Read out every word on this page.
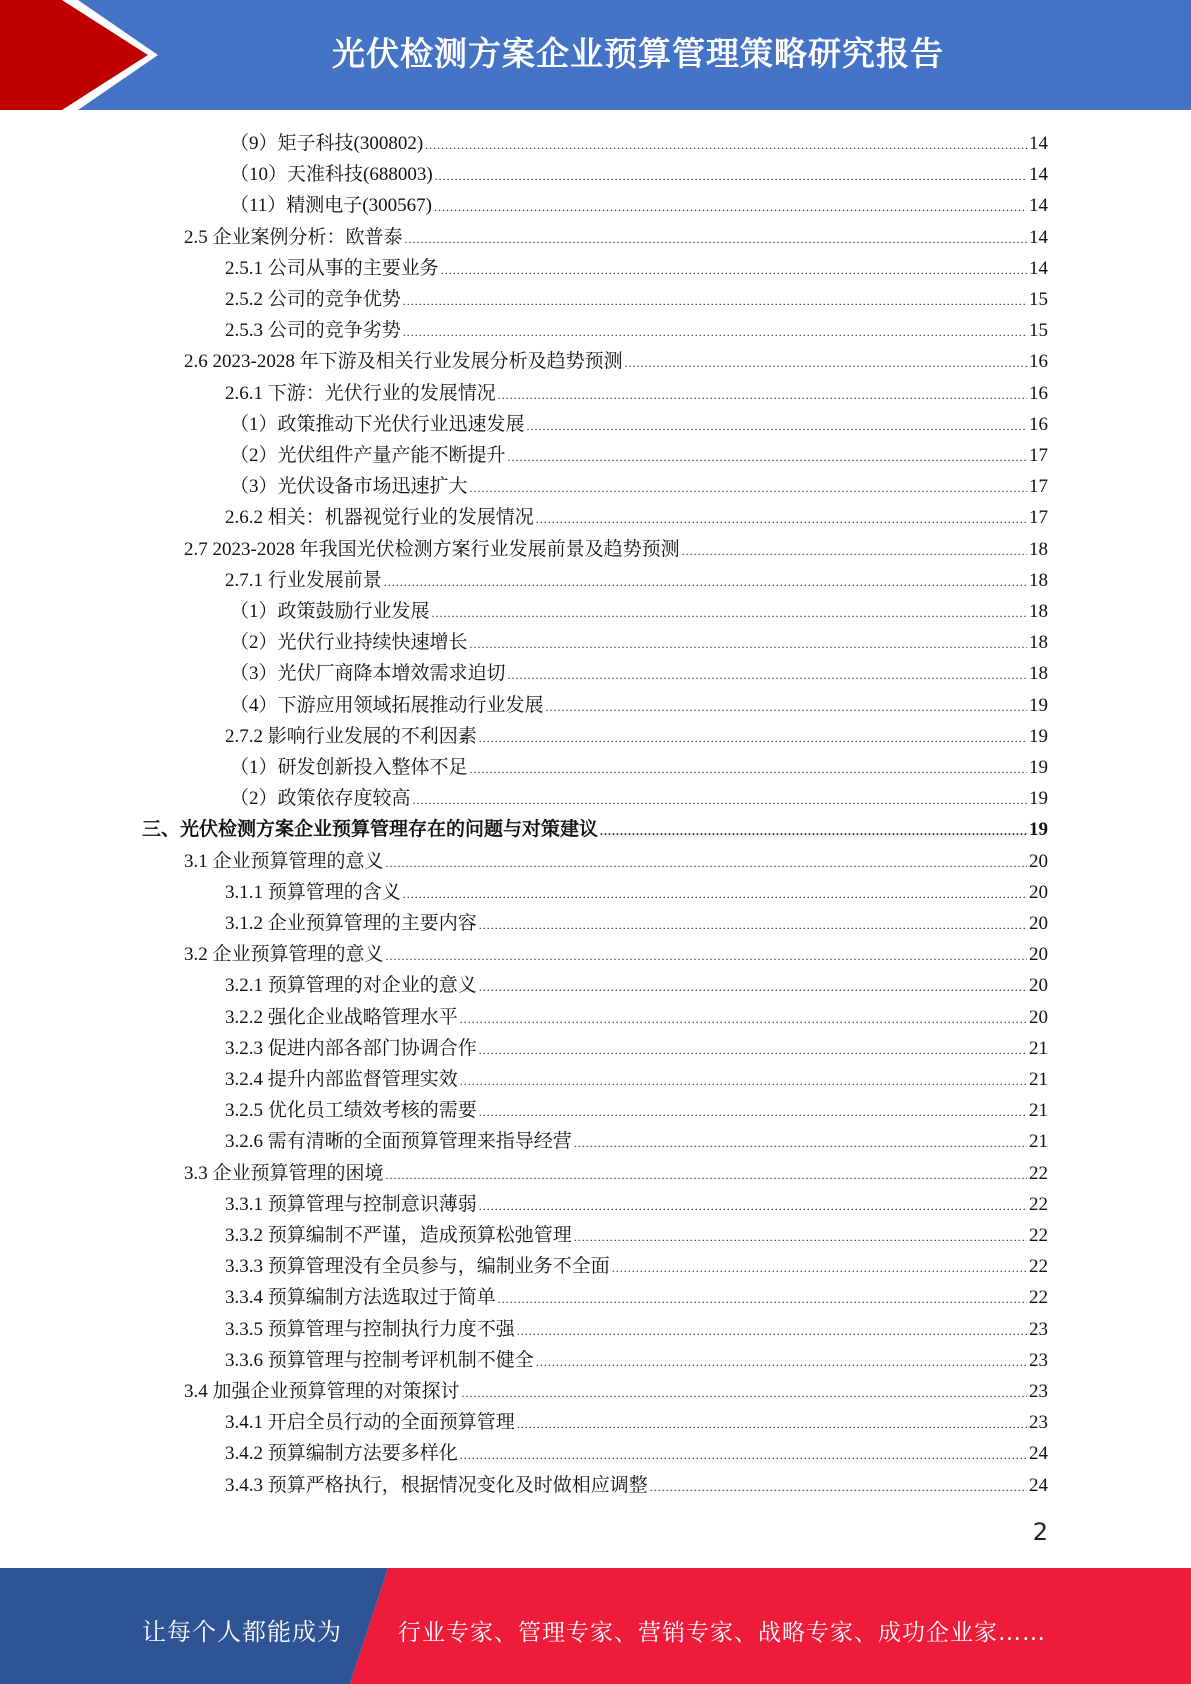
光伏检测方案企业预算管理策略研究报告
（9）矩子科技(300802) . . .	14
（10）天准科技(688003) . . .	14
（11）精测电子(300567) . . .	14
2.5 企业案例分析：欧普泰 . . .	14
2.5.1 公司从事的主要业务 . . .	14
2.5.2 公司的竞争优势 . . .	15
2.5.3 公司的竞争劣势 . . .	15
2.6 2023-2028 年下游及相关行业发展分析及趋势预测 . . .	16
2.6.1 下游：光伏行业的发展情况 . . .	16
（1）政策推动下光伏行业迅速发展 . . .	16
（2）光伏组件产量产能不断提升 . . .	17
（3）光伏设备市场迅速扩大 . . .	17
2.6.2 相关：机器视觉行业的发展情况 . . .	17
2.7 2023-2028 年我国光伏检测方案行业发展前景及趋势预测 . . .	18
2.7.1 行业发展前景 . . .	18
（1）政策鼓励行业发展 . . .	18
（2）光伏行业持续快速增长 . . .	18
（3）光伏厂商降本增效需求迫切 . . .	18
（4）下游应用领域拓展推动行业发展 . . .	19
2.7.2 影响行业发展的不利因素 . . .	19
（1）研发创新投入整体不足 . . .	19
（2）政策依存度较高 . . .	19
三、光伏检测方案企业预算管理存在的问题与对策建议 . . .	19
3.1 企业预算管理的意义 . . .	20
3.1.1 预算管理的含义 . . .	20
3.1.2 企业预算管理的主要内容 . . .	20
3.2 企业预算管理的意义 . . .	20
3.2.1 预算管理的对企业的意义 . . .	20
3.2.2 强化企业战略管理水平 . . .	20
3.2.3 促进内部各部门协调合作 . . .	21
3.2.4 提升内部监督管理实效 . . .	21
3.2.5 优化员工绩效考核的需要 . . .	21
3.2.6 需有清晰的全面预算管理来指导经营 . . .	21
3.3 企业预算管理的困境 . . .	22
3.3.1 预算管理与控制意识薄弱 . . .	22
3.3.2 预算编制不严谨，造成预算松弛管理 . . .	22
3.3.3 预算管理没有全员参与，编制业务不全面 . . .	22
3.3.4 预算编制方法选取过于简单 . . .	22
3.3.5 预算管理与控制执行力度不强 . . .	23
3.3.6 预算管理与控制考评机制不健全 . . .	23
3.4 加强企业预算管理的对策探讨 . . .	23
3.4.1 开启全员行动的全面预算管理 . . .	23
3.4.2 预算编制方法要多样化 . . .	24
3.4.3 预算严格执行，根据情况变化及时做相应调整 . . .	24
2
让每个人都能成为 行业专家、管理专家、营销专家、战略专家、成功企业家……
